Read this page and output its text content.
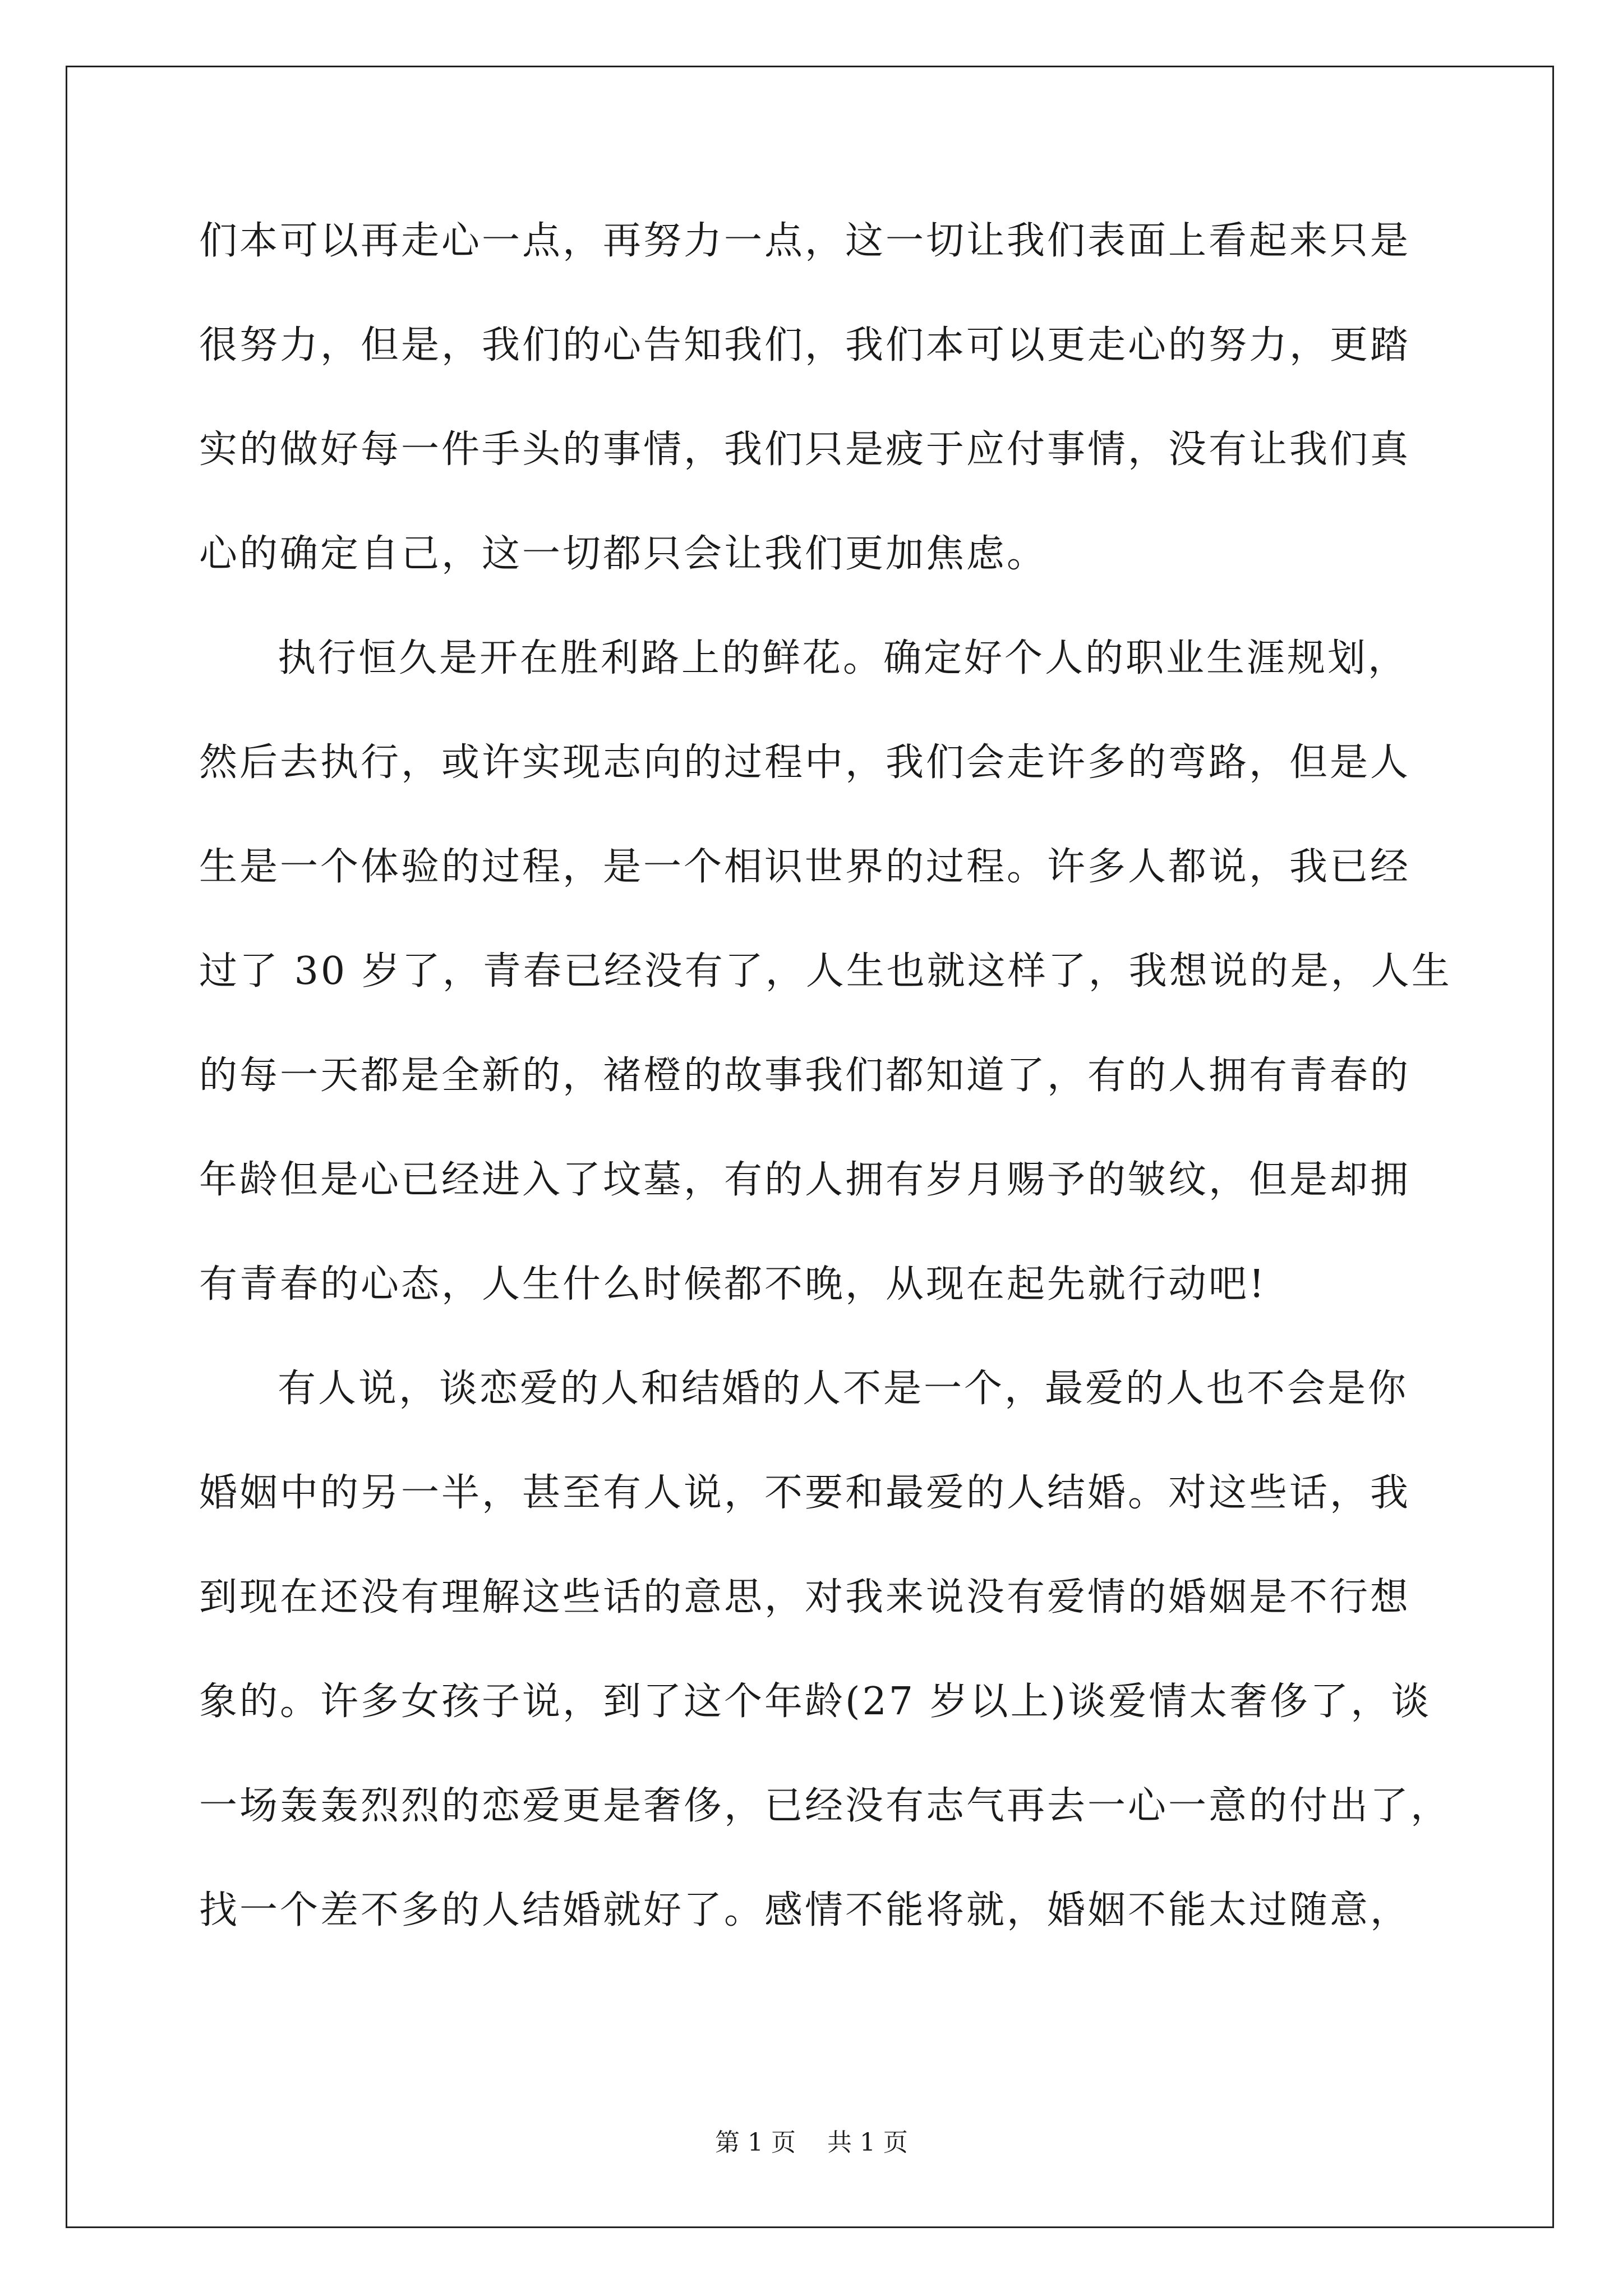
们本可以再走心一点，再努力一点，这一切让我们表面上看起来只是
很努力，但是，我们的心告知我们，我们本可以更走心的努力，更踏
实的做好每一件手头的事情，我们只是疲于应付事情，没有让我们真
心的确定自己，这一切都只会让我们更加焦虑。
执行恒久是开在胜利路上的鲜花。确定好个人的职业生涯规划，
然后去执行，或许实现志向的过程中，我们会走许多的弯路，但是人
生是一个体验的过程，是一个相识世界的过程。许多人都说，我已经
过了 30 岁了，青春已经没有了，人生也就这样了，我想说的是，人生
的每一天都是全新的，褚橙的故事我们都知道了，有的人拥有青春的
年龄但是心已经进入了坟墓，有的人拥有岁月赐予的皱纹，但是却拥
有青春的心态，人生什么时候都不晚，从现在起先就行动吧!
有人说，谈恋爱的人和结婚的人不是一个，最爱的人也不会是你
婚姻中的另一半，甚至有人说，不要和最爱的人结婚。对这些话，我
到现在还没有理解这些话的意思，对我来说没有爱情的婚姻是不行想
象的。许多女孩子说，到了这个年龄(27 岁以上)谈爱情太奢侈了，谈
一场轰轰烈烈的恋爱更是奢侈，已经没有志气再去一心一意的付出了，
找一个差不多的人结婚就好了。感情不能将就，婚姻不能太过随意，
第 1 页    共 1 页
